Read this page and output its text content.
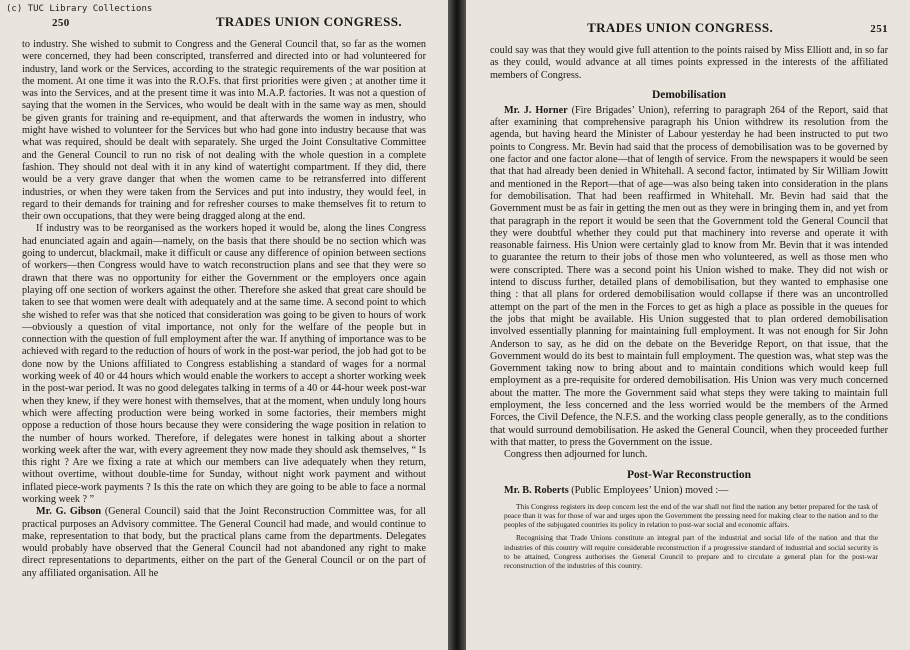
250	TRADES UNION CONGRESS.

to industry. She wished to submit to Congress and the General Council that, so far as the women were concerned, they had been conscripted, transferred and directed into or had volunteered for industry, land work or the Services, according to the strategic requirements of the war position at the moment. At one time it was into the R.O.Fs. that first priorities were given ; at another time it was into the Services, and at the present time it was into M.A.P. factories. It was not a question of saying that the women in the Services, who would be dealt with in the same way as men, should be given grants for training and re-equipment, and that afterwards the women in industry, who might have wished to volunteer for the Services but who had gone into industry because that was what was required, should be dealt with separately. She urged the Joint Consultative Committee and the General Council to run no risk of not dealing with the whole question in a complete fashion. They should not deal with it in any kind of watertight compartment. If they did, there would be a very grave danger that when the women came to be retransferred into different industries, or when they were taken from the Services and put into industry, they would feel, in regard to their demands for training and for refresher courses to make themselves fit to return to their own occupations, that they were being dragged along at the end.

If industry was to be reorganised as the workers hoped it would be, along the lines Congress had enunciated again and again—namely, on the basis that there should be no section which was going to undercut, blackmail, make it difficult or cause any difference of opinion between sections of workers—then Congress would have to watch reconstruction plans and see that they were so drawn that there was no opportunity for either the Government or the employers once again playing off one section of workers against the other. Therefore she asked that great care should be taken to see that women were dealt with adequately and at the same time. A second point to which she wished to refer was that she noticed that consideration was going to be given to hours of work—obviously a question of vital importance, not only for the welfare of the people but in connection with the question of full employment after the war. If anything of importance was to be achieved with regard to the reduction of hours of work in the post-war period, the job had got to be done now by the Unions affiliated to Congress establishing a standard of wages for a normal working week of 40 or 44 hours which would enable the workers to accept a shorter working week in the post-war period. It was no good delegates talking in terms of a 40 or 44-hour week post-war when they knew, if they were honest with themselves, that at the moment, when unduly long hours which were affecting production were being worked in some factories, their members might oppose a reduction of those hours because they were considering the wage position in relation to the number of hours worked. Therefore, if delegates were honest in talking about a shorter working week after the war, with every agreement they now made they should ask themselves, “ Is this right ? Are we fixing a rate at which our members can live adequately when they return, without overtime, without double-time for Sunday, without night work payment and without inflated piece-work payments ? Is this the rate on which they are going to be able to face a normal working week ? ”

Mr. G. Gibson (General Council) said that the Joint Reconstruction Committee was, for all practical purposes an Advisory committee. The General Council had made, and would continue to make, representation to that body, but the practical plans came from the departments. Delegates would probably have observed that the General Council had not abandoned any right to make direct representations to departments, either on the part of the General Council or on the part of any affiliated organisation. All he

(c) TUC Library Collections
TRADES UNION CONGRESS.	251

could say was that they would give full attention to the points raised by Miss Elliott and, in so far as they could, would advance at all times points expressed in the interests of the affiliated members of Congress.

Demobilisation

Mr. J. Horner (Fire Brigades’ Union), referring to paragraph 264 of the Report, said that after examining that comprehensive paragraph his Union withdrew its resolution from the agenda, but having heard the Minister of Labour yesterday he had been instructed to put two points to Congress. Mr. Bevin had said that the process of demobilisation was to be governed by one factor and one factor alone—that of length of service. From the newspapers it would be seen that that had already been denied in Whitehall. A second factor, intimated by Sir William Jowitt and mentioned in the Report—that of age—was also being taken into consideration in the plans for demobilisation. That had been reaffirmed in Whitehall. Mr. Bevin had said that the Government must be as fair in getting the men out as they were in bringing them in, and yet from that paragraph in the report it would be seen that the Government told the General Council that they were doubtful whether they could put that machinery into reverse and operate it with reasonable fairness. His Union were certainly glad to know from Mr. Bevin that it was intended to guarantee the return to their jobs of those men who volunteered, as well as those men who were conscripted. There was a second point his Union wished to make. They did not wish or intend to discuss further, detailed plans of demobilisation, but they wanted to emphasise one thing : that all plans for ordered demobilisation would collapse if there was an uncontrolled attempt on the part of the men in the Forces to get as high a place as possible in the queues for the jobs that might be available. His Union suggested that to plan ordered demobilisation involved essentially planning for maintaining full employment. It was not enough for Sir John Anderson to say, as he did on the debate on the Beveridge Report, on that issue, that the Government would do its best to maintain full employment. The question was, what step was the Government taking now to bring about and to maintain conditions which would keep full employment as a pre-requisite for ordered demobilisation. His Union was very much concerned about the matter. The more the Government said what steps they were taking to maintain full employment, the less concerned and the less worried would be the members of the Armed Forces, the Civil Defence, the N.F.S. and the working class people generally, as to the conditions that would surround demobilisation. He asked the General Council, when they proceeded further with that matter, to press the Government on the issue.

Congress then adjourned for lunch.

Post-War Reconstruction

Mr. B. Roberts (Public Employees’ Union) moved :—

This Congress registers its deep concern lest the end of the war shall not find the nation any better prepared for the task of peace than it was for those of war and urges upon the Government the pressing need for making clear to the nation and to the peoples of the subjugated countries its policy in relation to post-war social and economic affairs.

Recognising that Trade Unions constitute an integral part of the industrial and social life of the nation and that the industries of this country will require considerable reconstruction if a progressive standard of industrial and social security is to be attained, Congress authorises the General Council to prepare and to circulate a general plan for the post-war reconstruction of the industries of this country.
